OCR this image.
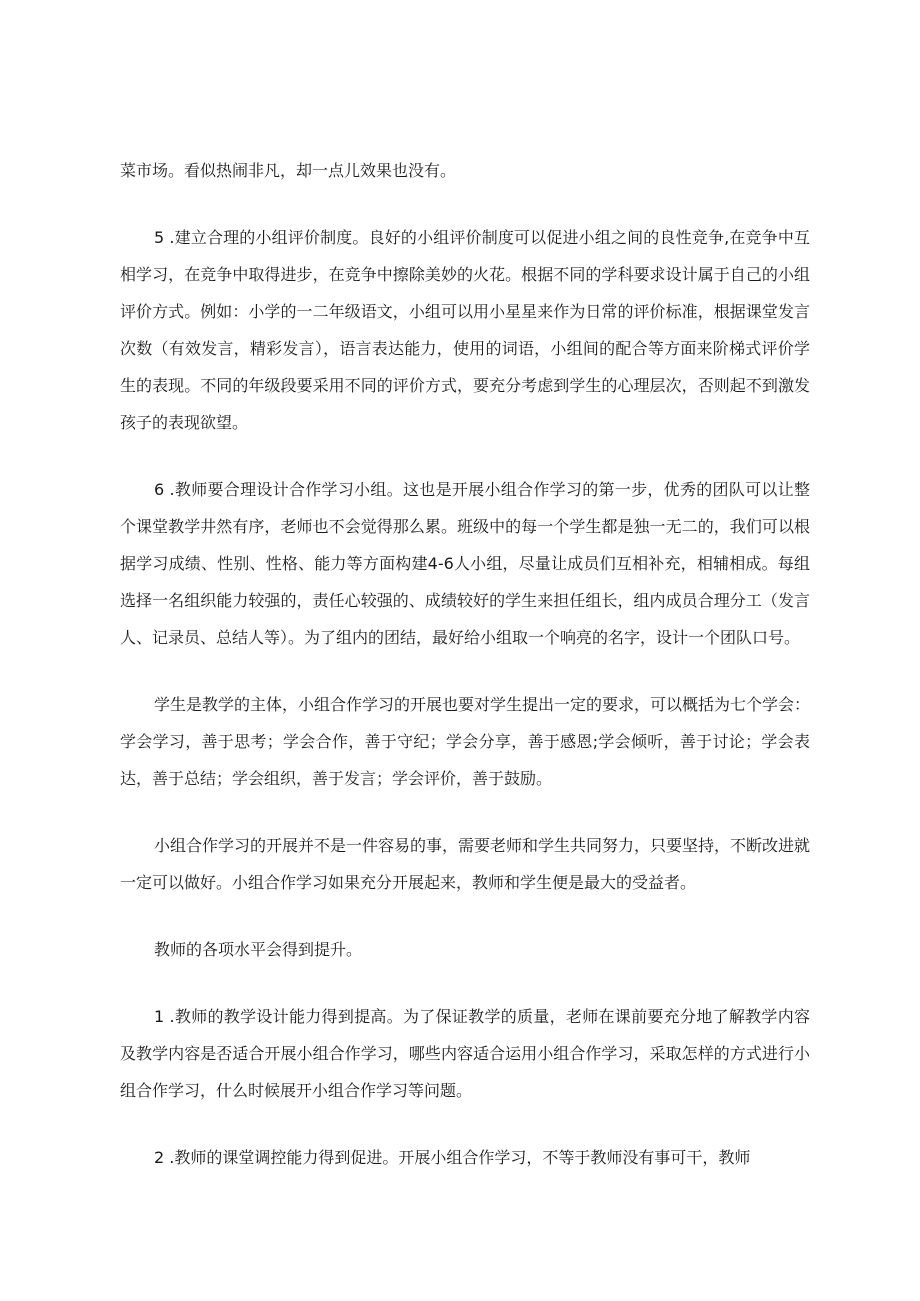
菜市场。看似热闹非凡，却一点儿效果也没有。

5 .建立合理的小组评价制度。良好的小组评价制度可以促进小组之间的良性竞争,在竞争中互相学习，在竞争中取得进步，在竞争中擦除美妙的火花。根据不同的学科要求设计属于自己的小组评价方式。例如：小学的一二年级语文，小组可以用小星星来作为日常的评价标准，根据课堂发言次数（有效发言，精彩发言），语言表达能力，使用的词语，小组间的配合等方面来阶梯式评价学生的表现。不同的年级段要采用不同的评价方式，要充分考虑到学生的心理层次，否则起不到激发孩子的表现欲望。

6 .教师要合理设计合作学习小组。这也是开展小组合作学习的第一步，优秀的团队可以让整个课堂教学井然有序，老师也不会觉得那么累。班级中的每一个学生都是独一无二的，我们可以根据学习成绩、性别、性格、能力等方面构建4-6人小组，尽量让成员们互相补充，相辅相成。每组选择一名组织能力较强的，责任心较强的、成绩较好的学生来担任组长，组内成员合理分工（发言人、记录员、总结人等）。为了组内的团结，最好给小组取一个响亮的名字，设计一个团队口号。

学生是教学的主体，小组合作学习的开展也要对学生提出一定的要求，可以概括为七个学会：学会学习，善于思考；学会合作，善于守纪；学会分享，善于感恩;学会倾听，善于讨论；学会表达，善于总结；学会组织，善于发言；学会评价，善于鼓励。

小组合作学习的开展并不是一件容易的事，需要老师和学生共同努力，只要坚持，不断改进就一定可以做好。小组合作学习如果充分开展起来，教师和学生便是最大的受益者。

教师的各项水平会得到提升。

1 .教师的教学设计能力得到提高。为了保证教学的质量，老师在课前要充分地了解教学内容及教学内容是否适合开展小组合作学习，哪些内容适合运用小组合作学习，采取怎样的方式进行小组合作学习，什么时候展开小组合作学习等问题。

2 .教师的课堂调控能力得到促进。开展小组合作学习，不等于教师没有事可干，教师
